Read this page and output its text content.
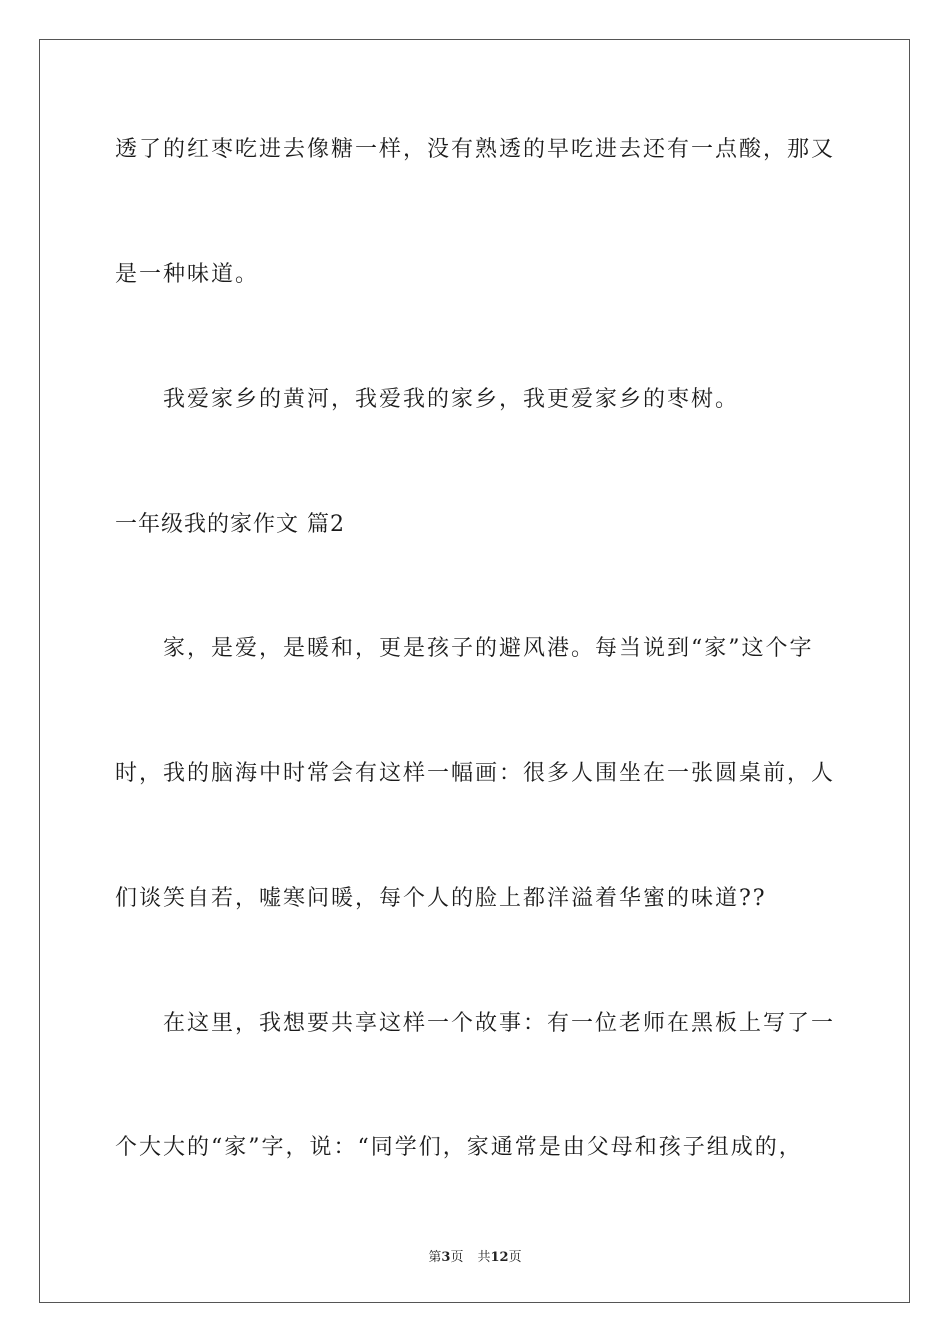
透了的红枣吃进去像糖一样，没有熟透的早吃进去还有一点酸，那又
是一种味道。
我爱家乡的黄河，我爱我的家乡，我更爱家乡的枣树。
一年级我的家作文 篇2
家，是爱，是暖和，更是孩子的避风港。每当说到“家”这个字
时，我的脑海中时常会有这样一幅画：很多人围坐在一张圆桌前，人
们谈笑自若，嘘寒问暖，每个人的脸上都洋溢着华蜜的味道??
在这里，我想要共享这样一个故事：有一位老师在黑板上写了一
个大大的“家”字，说：“同学们，家通常是由父母和孩子组成的，
第3页 共12页
